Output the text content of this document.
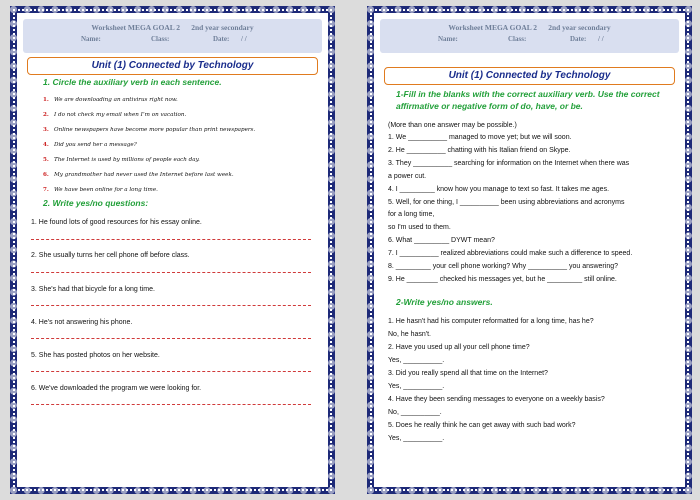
Worksheet MEGA GOAL 2 2nd year secondary
Name:	Class:	Date: / /
Unit (1) Connected by Technology
1. Circle the auxiliary verb in each sentence.
1. We are downloading an antivirus right now.
2. I do not check my email when I’m on vacation.
3. Online newspapers have become more popular than print newspapers.
4. Did you send her a message?
5. The Internet is used by millions of people each day.
6. My grandmother had never used the Internet before last week.
7. We have been online for a long time.
2. Write yes/no questions:
1. He found lots of good resources for his essay online.
2. She usually turns her cell phone off before class.
3. She's had that bicycle for a long time.
4. He's not answering his phone.
5. She has posted photos on her website.
6. We've downloaded the program we were looking for.
Worksheet MEGA GOAL 2 2nd year secondary
Name:	Class:	Date: / /
Unit (1) Connected by Technology
1-Fill in the blanks with the correct auxiliary verb. Use the correct
affirmative or negative form of do, have, or be.
(More than one answer may be possible.)
1. We __________ managed to move yet; but we will soon.
2. He __________ chatting with his Italian friend on Skype.
3. They __________ searching for information on the Internet when there was
a power cut.
4. I _________ know how you manage to text so fast. It takes me ages.
5. Well, for one thing, I __________ been using abbreviations and acronyms
for a long time,
so I'm used to them.
6. What _________ DYWT mean?
7. I __________ realized abbreviations could make such a difference to speed.
8. _________ your cell phone working? Why __________ you answering?
9. He ________ checked his messages yet, but he _________ still online.
2-Write yes/no answers.
1. He hasn't had his computer reformatted for a long time, has he?
No, he hasn't.
2. Have you used up all your cell phone time?
Yes, __________.
3. Did you really spend all that time on the Internet?
Yes, __________.
4. Have they been sending messages to everyone on a weekly basis?
No, __________.
5. Does he really think he can get away with such bad work?
Yes, __________.
